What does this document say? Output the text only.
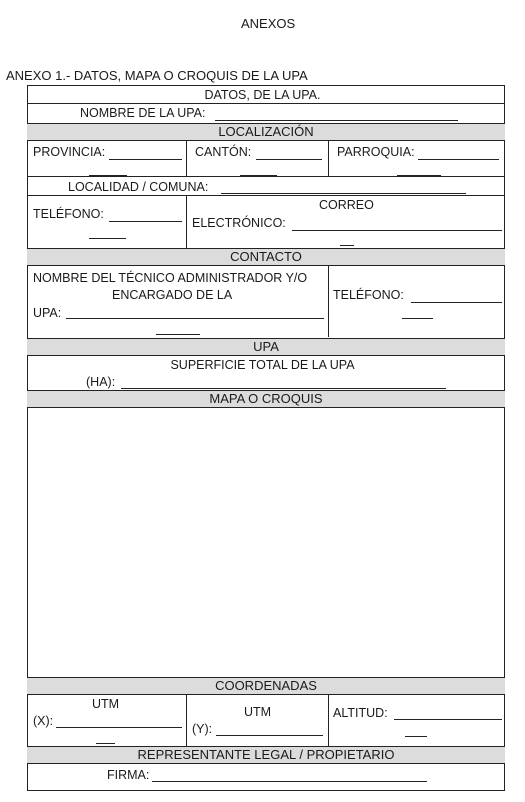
ANEXOS
ANEXO 1.- DATOS, MAPA O CROQUIS DE LA UPA
DATOS, DE LA UPA.
NOMBRE DE LA UPA:
LOCALIZACIÓN
PROVINCIA:	CANTÓN:	PARROQUIA:
LOCALIDAD / COMUNA:
TELÉFONO:
CORREO
ELECTRÓNICO:
CONTACTO
NOMBRE DEL TÉCNICO ADMINISTRADOR Y/O
ENCARGADO DE LA
UPA:
TELÉFONO:
UPA
SUPERFICIE TOTAL DE LA UPA
(HA):
MAPA O CROQUIS
COORDENADAS
UTM
(X):
UTM
(Y):
ALTITUD:
REPRESENTANTE LEGAL / PROPIETARIO
FIRMA:
